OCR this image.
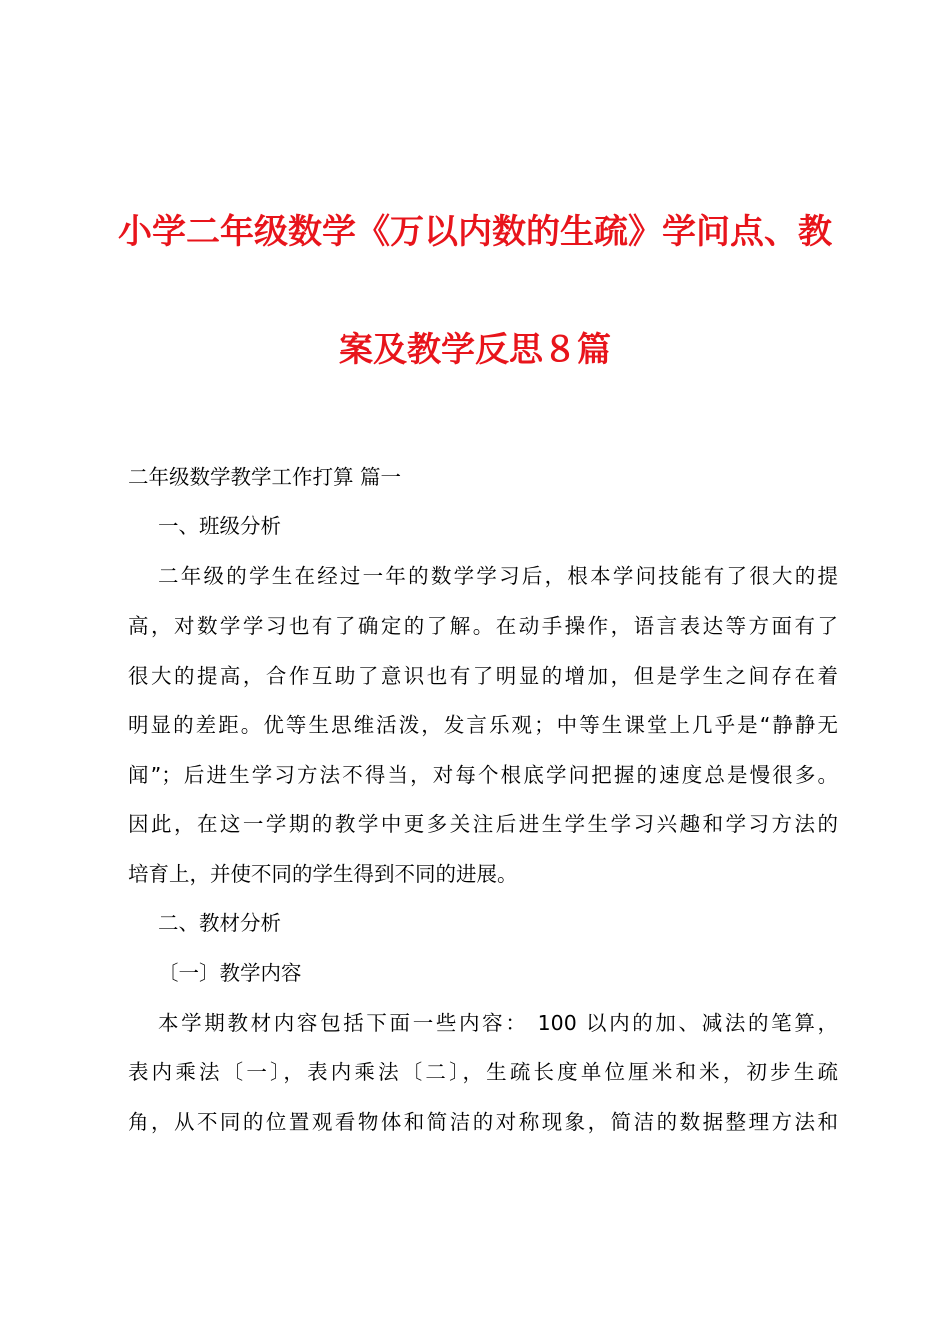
小学二年级数学《万以内数的生疏》学问点、教
案及教学反思８篇
二年级数学教学工作打算 篇一
一、班级分析
二年级的学生在经过一年的数学学习后，根本学问技能有了很大的提
高，对数学学习也有了确定的了解。在动手操作，语言表达等方面有了
很大的提高，合作互助了意识也有了明显的增加，但是学生之间存在着
明显的差距。优等生思维活泼，发言乐观；中等生课堂上几乎是“静静无
闻”；后进生学习方法不得当，对每个根底学问把握的速度总是慢很多。
因此，在这一学期的教学中更多关注后进生学生学习兴趣和学习方法的
培育上，并使不同的学生得到不同的进展。
二、教材分析
〔一〕教学内容
本学期教材内容包括下面一些内容： 100 以内的加、减法的笔算，
表内乘法〔一〕，表内乘法〔二〕，生疏长度单位厘米和米，初步生疏
角，从不同的位置观看物体和简洁的对称现象，简洁的数据整理方法和
